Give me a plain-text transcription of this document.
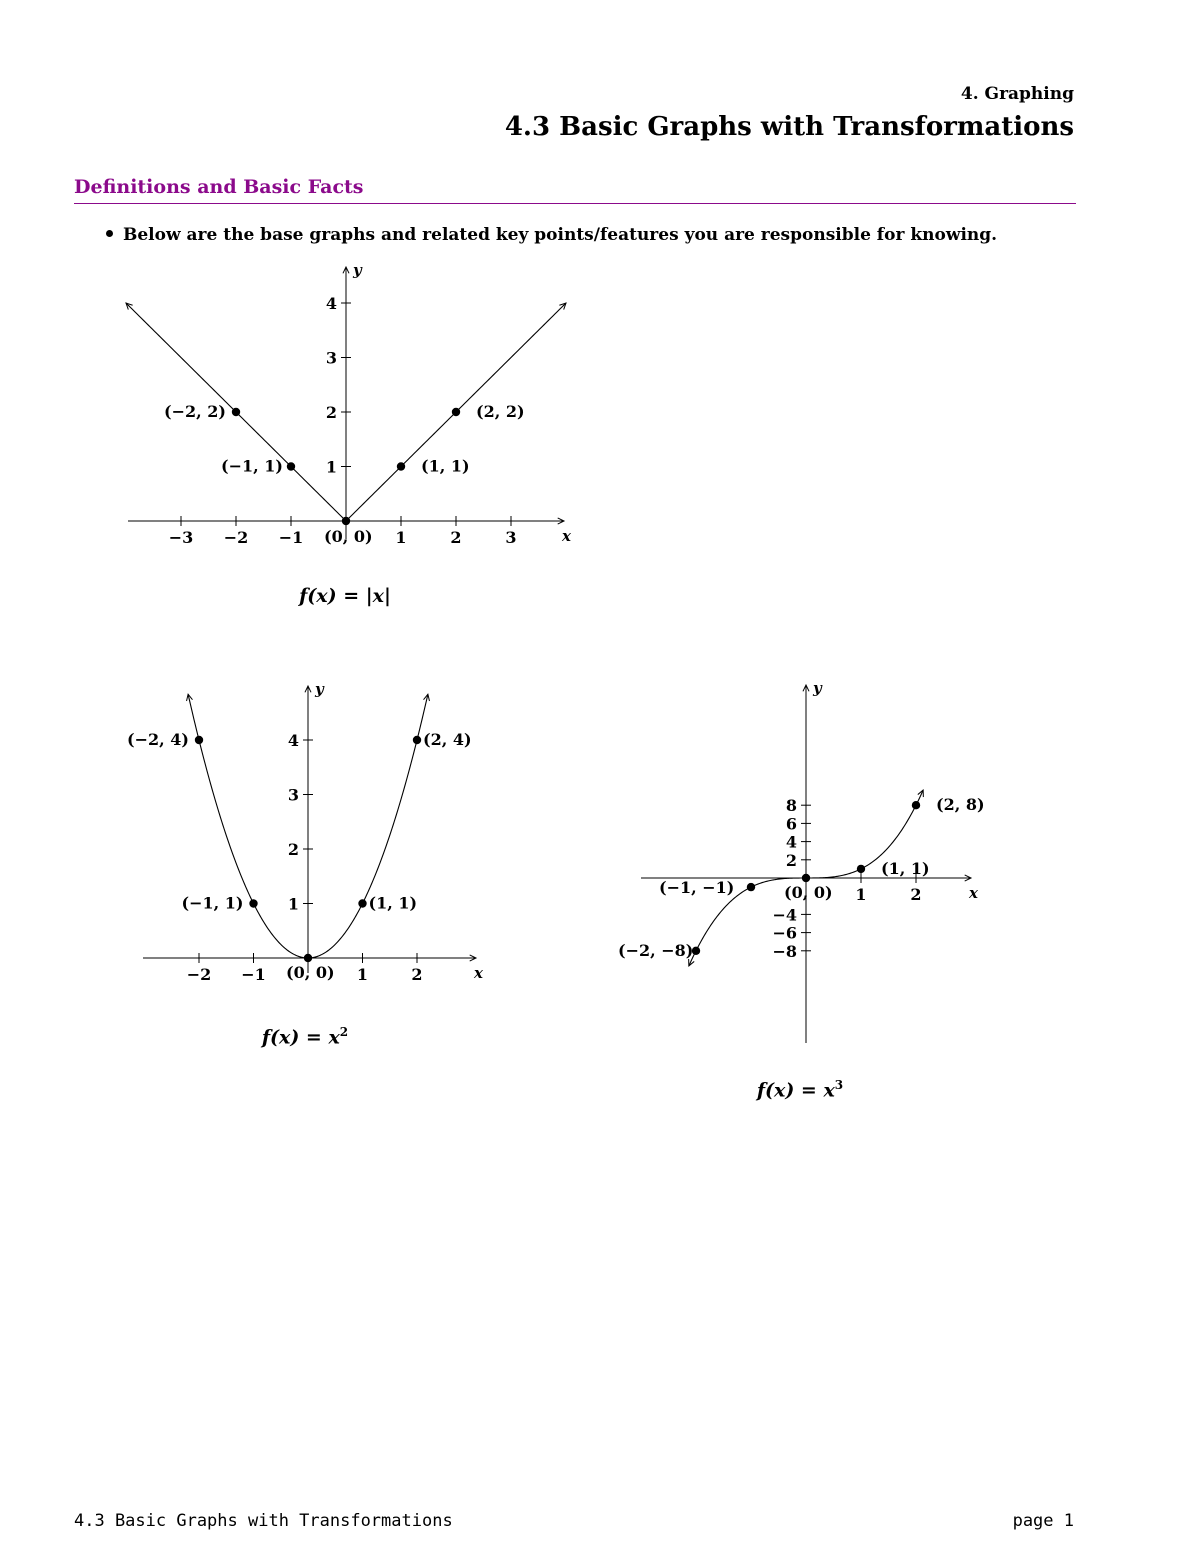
4. Graphing
4.3 Basic Graphs with Transformations
Definitions and Basic Facts
Below are the base graphs and related key points/features you are responsible for knowing.
x
y
−3 −2 −1	1	2	3
1
2
3
4
(−2, 2)
(−1, 1)
(0, 0)
(1, 1)
(2, 2)
f(x) = |x|
x
y
−2 −1	1	2
1
2
3
4
(−2, 4)
(−1, 1)
(0, 0)
(1, 1)
(2, 4)
$f(x) = x^2$
x
y
1	2
−8
−6
−4
2
4
6
8
(−2, −8)
(−1, −1)	(0, 0)
(1, 1)
(2, 8)
$f(x) = x^3$
4.3 Basic Graphs with Transformations	page 1
